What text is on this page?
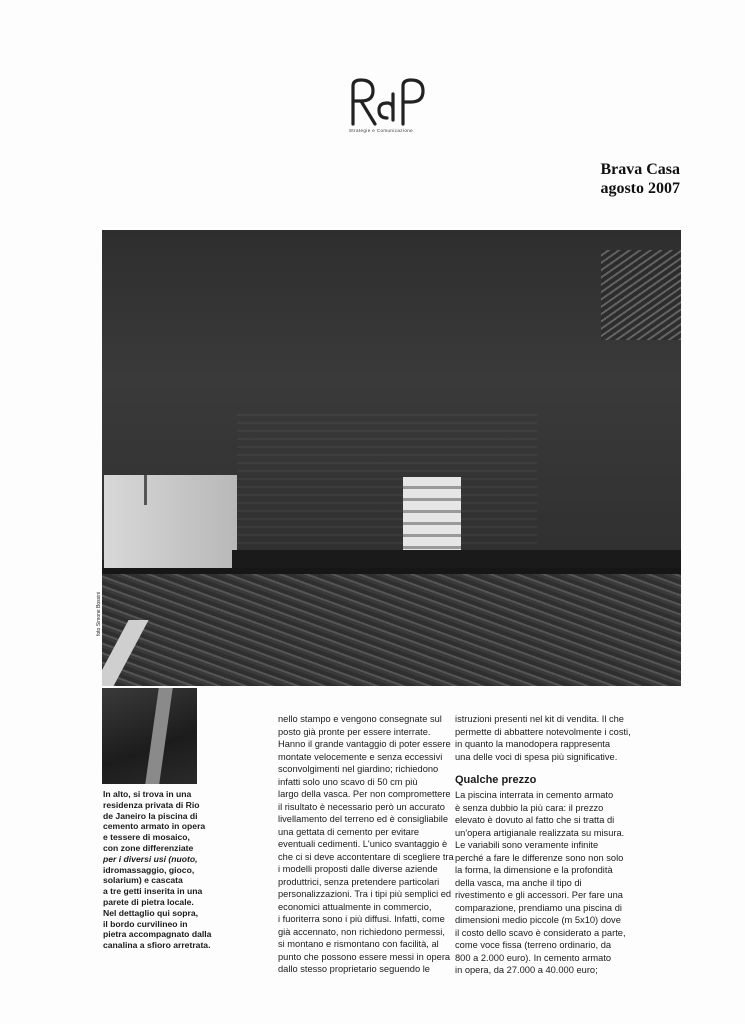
Strategie e Comunicazione
Brava Casa
agosto 2007
foto Simone Bossini

In alto, si trova in una

residenza privata di Rio

de Janeiro la piscina di

cemento armato in opera

e tessere di mosaico,

con zone differenziate

per i diversi usi (nuoto,

idromassaggio, gioco,

solarium) e cascata

a tre getti inserita in una

parete di pietra locale.

Nel dettaglio qui sopra,

il bordo curvilineo in

pietra accompagnato dalla

canalina a sfioro arretrata.

nello stampo e vengono consegnate sul

posto già pronte per essere interrate.

Hanno il grande vantaggio di poter essere

montate velocemente e senza eccessivi

sconvolgimenti nel giardino; richiedono

infatti solo uno scavo di 50 cm più

largo della vasca. Per non compromettere

il risultato è necessario però un accurato

livellamento del terreno ed è consigliabile

una gettata di cemento per evitare

eventuali cedimenti. L'unico svantaggio è

che ci si deve accontentare di scegliere tra

i modelli proposti dalle diverse aziende

produttrici, senza pretendere particolari

personalizzazioni. Tra i tipi più semplici ed

economici attualmente in commercio,

i fuoriterra sono i più diffusi. Infatti, come

già accennato, non richiedono permessi,

si montano e rismontano con facilità, al

punto che possono essere messi in opera

dallo stesso proprietario seguendo le

istruzioni presenti nel kit di vendita. Il che

permette di abbattere notevolmente i costi,

in quanto la manodopera rappresenta

una delle voci di spesa più significative.

Qualche prezzo

La piscina interrata in cemento armato

è senza dubbio la più cara: il prezzo

elevato è dovuto al fatto che si tratta di

un'opera artigianale realizzata su misura.

Le variabili sono veramente infinite

perché a fare le differenze sono non solo

la forma, la dimensione e la profondità

della vasca, ma anche il tipo di

rivestimento e gli accessori. Per fare una

comparazione, prendiamo una piscina di

dimensioni medio piccole (m 5x10) dove

il costo dello scavo è considerato a parte,

come voce fissa (terreno ordinario, da

800 a 2.000 euro). In cemento armato

in opera, da 27.000 a 40.000 euro;
